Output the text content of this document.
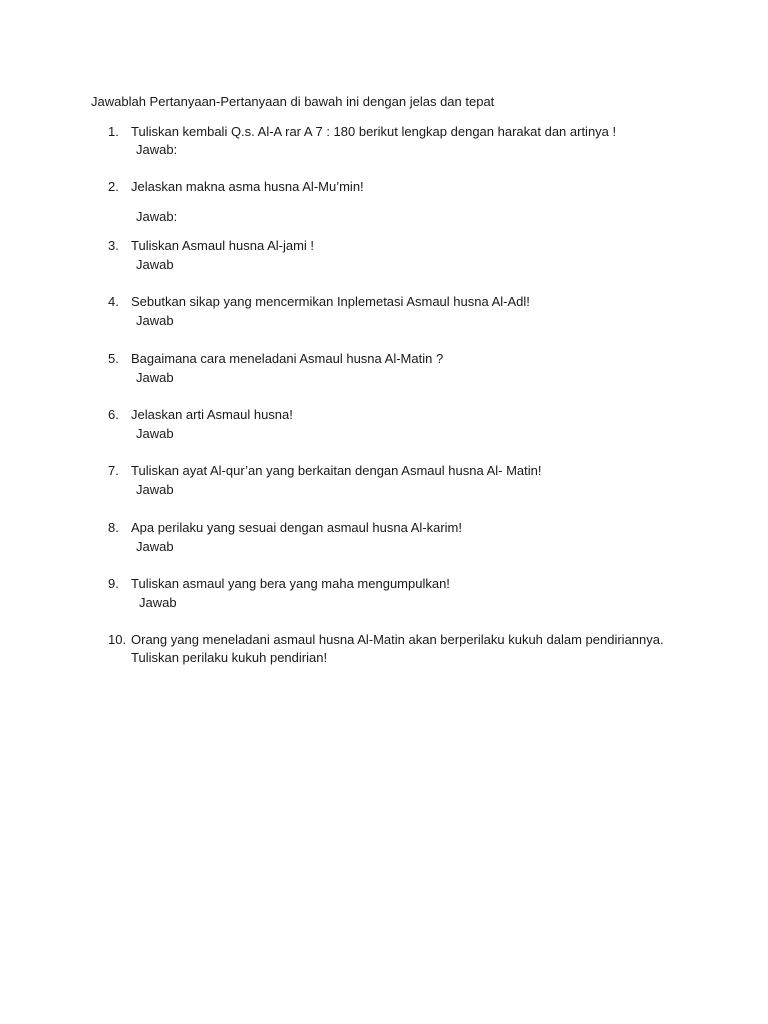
Jawablah Pertanyaan-Pertanyaan di bawah ini dengan jelas dan tepat
1. Tuliskan kembali Q.s. Al-A rar A 7 : 180 berikut lengkap dengan harakat dan artinya !
Jawab:
2. Jelaskan makna asma husna Al-Mu’min!
Jawab:
3. Tuliskan Asmaul husna Al-jami !
Jawab
4. Sebutkan sikap yang mencermikan Inplemetasi Asmaul husna Al-Adl!
Jawab
5. Bagaimana cara meneladani Asmaul husna Al-Matin ?
Jawab
6. Jelaskan arti Asmaul husna!
Jawab
7. Tuliskan ayat Al-qur’an yang berkaitan dengan Asmaul husna Al- Matin!
Jawab
8. Apa perilaku yang sesuai dengan asmaul husna Al-karim!
Jawab
9. Tuliskan asmaul yang bera yang maha mengumpulkan!
Jawab
10. Orang yang meneladani asmaul husna Al-Matin akan berperilaku kukuh dalam pendiriannya.
Tuliskan perilaku kukuh pendirian!
